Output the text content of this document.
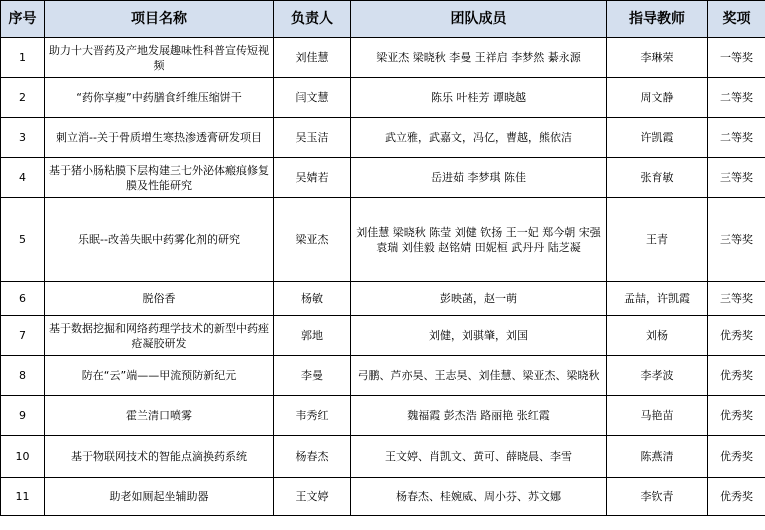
序号	项目名称	负责人	团队成员	指导教师	奖项
1	助力十大晋药及产地发展趣味性科普宣传短视频	刘佳慧	梁亚杰 梁晓秋 李曼 王祥启 李梦然 綦永源	李琳荣	一等奖
2	“药你享瘦”中药膳食纤维压缩饼干	闫文慧	陈乐 叶桂芳 谭晓越	周文静	二等奖
3	刺立消--关于骨质增生寒热渗透膏研发项目	吴玉洁	武立雅，武嘉文，冯亿，曹越，熊依洁	许凯霞	二等奖
4	基于猪小肠粘膜下层构建三七外泌体瘢痕修复膜及性能研究	吴婧若	岳进茹 李梦琪 陈佳	张育敏	三等奖
5	乐眠--改善失眠中药雾化剂的研究	梁亚杰	刘佳慧 梁晓秋 陈莹 刘健 钦扬 王一妃 郑今朝 宋强 袁瑞 刘佳毅 赵铭婧 田妮桓 武丹丹 陆芝凝	王青	三等奖
6	脱俗香	杨敏	彭映菡，赵一萌	孟喆，许凯霞	三等奖
7	基于数据挖掘和网络药理学技术的新型中药痤疮凝胶研发	郭地	刘健，刘骐肇，刘国	刘杨	优秀奖
8	防在“云”端——甲流预防新纪元	李曼	弓鹏、芦亦昊、王志昊、刘佳慧、梁亚杰、梁晓秋	李孝波	优秀奖
9	霍兰清口喷雾	韦秀红	魏福霞 彭杰浩 路丽艳 张红霞	马艳苗	优秀奖
10	基于物联网技术的智能点滴换药系统	杨春杰	王文婷、肖凯文、黄可、薛晓晨、李雪	陈燕清	优秀奖
11	助老如厕起坐辅助器	王文婷	杨春杰、桂婉威、周小芬、苏文娜	李钦青	优秀奖
